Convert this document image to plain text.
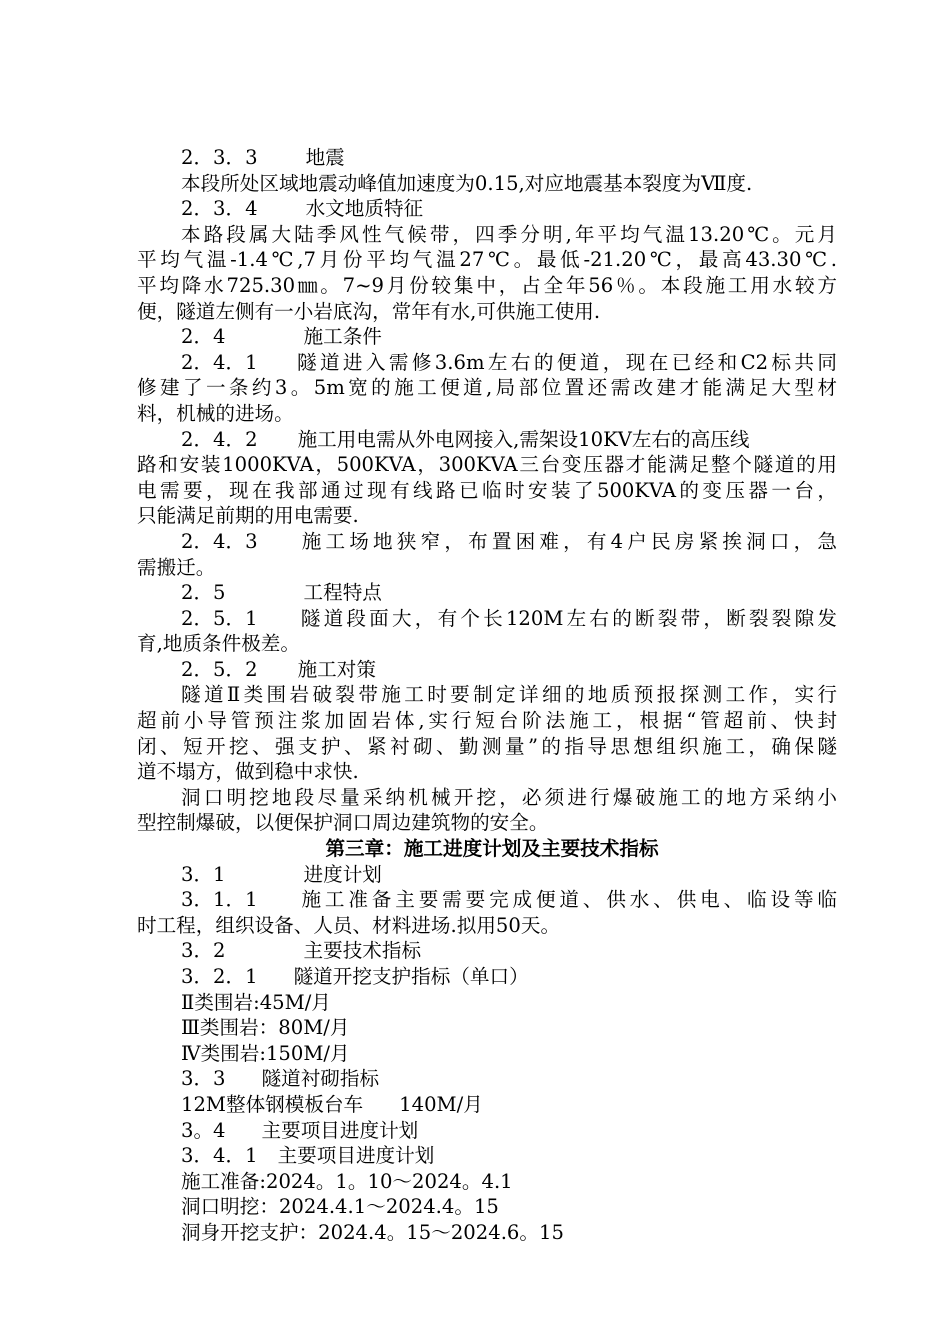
2．3．3 地震
本段所处区域地震动峰值加速度为0.15,对应地震基本裂度为Ⅶ度.
2．3．4 水文地质特征
本路段属大陆季风性气候带，四季分明,年平均气温13.20℃。元月
平均气温-1.4℃,7月份平均气温27℃。最低-21.20℃，最高43.30℃.
平均降水725.30㎜。7~9月份较集中，占全年56％。本段施工用水较方
便，隧道左侧有一小岩底沟，常年有水,可供施工使用.
2．4	施工条件
2．4．1 隧道进入需修3.6m左右的便道，现在已经和C2标共同
修建了一条约3。5m宽的施工便道,局部位置还需改建才能满足大型材
料，机械的进场。
2．4．2 施工用电需从外电网接入,需架设10KV左右的高压线
路和安装1000KVA，500KVA，300KVA三台变压器才能满足整个隧道的用
电需要，现在我部通过现有线路已临时安装了500KVA的变压器一台，
只能满足前期的用电需要.
2．4．3 施工场地狭窄，布置困难，有4户民房紧挨洞口，急
需搬迁。
2．5	工程特点
2．5．1 隧道段面大，有个长120M左右的断裂带，断裂裂隙发
育,地质条件极差。
2．5．2 施工对策
隧道Ⅱ类围岩破裂带施工时要制定详细的地质预报探测工作，实行
超前小导管预注浆加固岩体,实行短台阶法施工，根据“管超前、快封
闭、短开挖、强支护、紧衬砌、勤测量”的指导思想组织施工，确保隧
道不塌方，做到稳中求快.
洞口明挖地段尽量采纳机械开挖，必须进行爆破施工的地方采纳小
型控制爆破，以便保护洞口周边建筑物的安全。
第三章：施工进度计划及主要技术指标
3．1	进度计划
3．1．1 施工准备主要需要完成便道、供水、供电、临设等临
时工程，组织设备、人员、材料进场.拟用50天。
3．2	主要技术指标
3．2．1 隧道开挖支护指标（单口）
Ⅱ类围岩:45M/月
Ⅲ类围岩：80M/月
Ⅳ类围岩:150M/月
3．3 隧道衬砌指标
12M整体钢模板台车 140M/月
3。4 主要项目进度计划
3．4．1 主要项目进度计划
施工准备:2024。1。10～2024。4.1
洞口明挖：2024.4.1～2024.4。15
洞身开挖支护：2024.4。15～2024.6。15
